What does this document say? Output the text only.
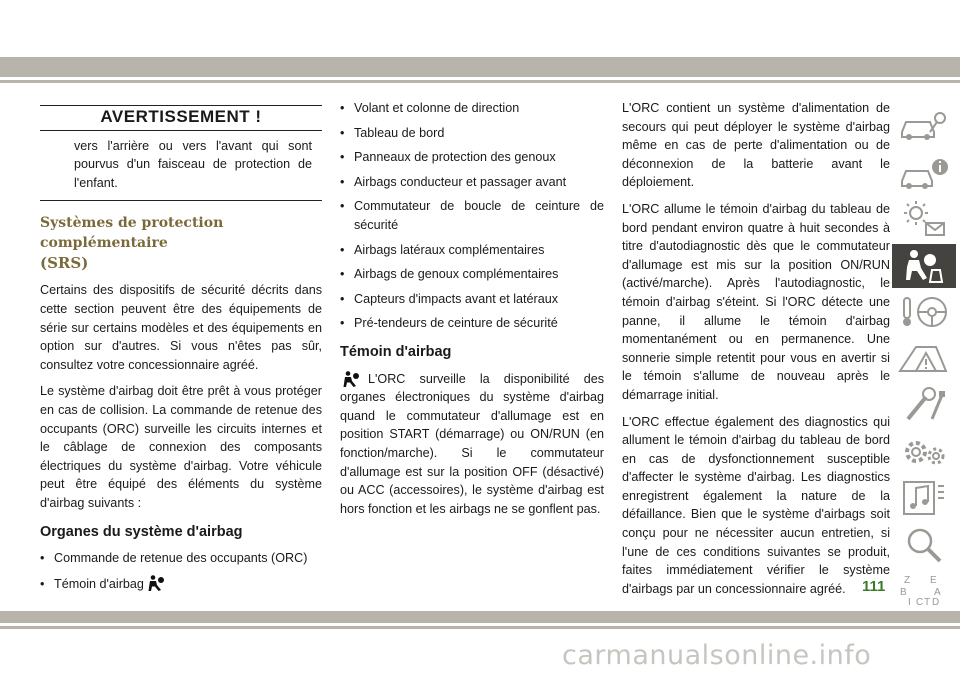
AVERTISSEMENT !
vers l'arrière ou vers l'avant qui sont pourvus d'un faisceau de protection de l'enfant.
Systèmes de protection complémentaire
(SRS)

Certains des dispositifs de sécurité décrits dans cette section peuvent être des équipements de série sur certains modèles et des équipements en option sur d'autres. Si vous n'êtes pas sûr, consultez votre concessionnaire agréé.

Le système d'airbag doit être prêt à vous protéger en cas de collision. La commande de retenue des occupants (ORC) surveille les circuits internes et le câblage de connexion des composants électriques du système d'airbag. Votre véhicule peut être équipé des éléments du système d'airbag suivants :

Organes du système d'airbag
• Commande de retenue des occupants (ORC)
• Témoin d'airbag
• Volant et colonne de direction
• Tableau de bord
• Panneaux de protection des genoux
• Airbags conducteur et passager avant
• Commutateur de boucle de ceinture de sécurité
• Airbags latéraux complémentaires
• Airbags de genoux complémentaires
• Capteurs d'impacts avant et latéraux
• Pré-tendeurs de ceinture de sécurité
Témoin d'airbag

L'ORC surveille la disponibilité des organes électroniques du système d'airbag quand le commutateur d'allumage est en position START (démarrage) ou ON/RUN (en fonction/marche). Si le commutateur d'allumage est sur la position OFF (désactivé) ou ACC (accessoires), le système d'airbag est hors fonction et les airbags ne se gonflent pas.

L'ORC contient un système d'alimentation de secours qui peut déployer le système d'airbag même en cas de perte d'alimentation ou de déconnexion de la batterie avant le déploiement.

L'ORC allume le témoin d'airbag du tableau de bord pendant environ quatre à huit secondes à titre d'autodiagnostic dès que le commutateur d'allumage est mis sur la position ON/RUN (activé/marche). Après l'autodiagnostic, le témoin d'airbag s'éteint. Si l'ORC détecte une panne, il allume le témoin d'airbag momentanément ou en permanence. Une sonnerie simple retentit pour vous en avertir si le témoin s'allume de nouveau après le démarrage initial.

L'ORC effectue également des diagnostics qui allument le témoin d'airbag du tableau de bord en cas de dysfonctionnement susceptible d'affecter le système d'airbag. Les diagnostics enregistrent également la nature de la défaillance. Bien que le système d'airbags soit conçu pour ne nécessiter aucun entretien, si l'une de ces conditions suivantes se produit, faites immédiatement vérifier le système d'airbags par un concessionnaire agréé.

Z E
B	A
I C T D
111
carmanualsonline.info
